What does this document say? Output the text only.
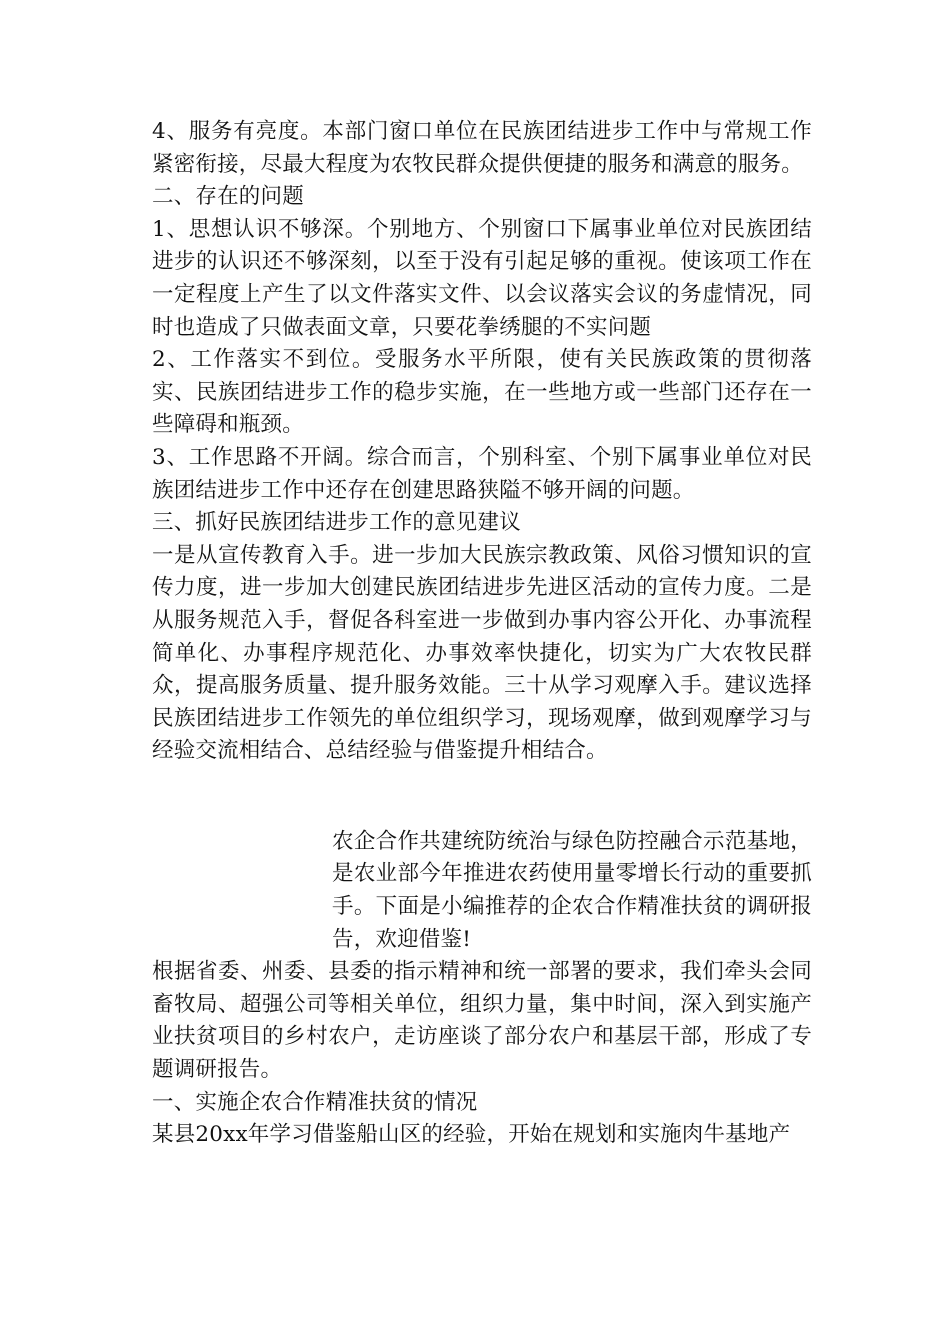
4、服务有亮度。本部门窗口单位在民族团结进步工作中与常规工作紧密衔接，尽最大程度为农牧民群众提供便捷的服务和满意的服务。

二、存在的问题

1、思想认识不够深。个别地方、个别窗口下属事业单位对民族团结进步的认识还不够深刻，以至于没有引起足够的重视。使该项工作在一定程度上产生了以文件落实文件、以会议落实会议的务虚情况，同时也造成了只做表面文章，只要花拳绣腿的不实问题

2、工作落实不到位。受服务水平所限，使有关民族政策的贯彻落实、民族团结进步工作的稳步实施，在一些地方或一些部门还存在一些障碍和瓶颈。

3、工作思路不开阔。综合而言，个别科室、个别下属事业单位对民族团结进步工作中还存在创建思路狭隘不够开阔的问题。

三、抓好民族团结进步工作的意见建议

一是从宣传教育入手。进一步加大民族宗教政策、风俗习惯知识的宣传力度，进一步加大创建民族团结进步先进区活动的宣传力度。二是从服务规范入手，督促各科室进一步做到办事内容公开化、办事流程简单化、办事程序规范化、办事效率快捷化，切实为广大农牧民群众，提高服务质量、提升服务效能。三十从学习观摩入手。建议选择民族团结进步工作领先的单位组织学习，现场观摩，做到观摩学习与经验交流相结合、总结经验与借鉴提升相结合。

农企合作共建统防统治与绿色防控融合示范基地，是农业部今年推进农药使用量零增长行动的重要抓手。下面是小编推荐的企农合作精准扶贫的调研报告，欢迎借鉴!

根据省委、州委、县委的指示精神和统一部署的要求，我们牵头会同畜牧局、超强公司等相关单位，组织力量，集中时间，深入到实施产业扶贫项目的乡村农户，走访座谈了部分农户和基层干部，形成了专题调研报告。

一、实施企农合作精准扶贫的情况

某县20xx年学习借鉴船山区的经验，开始在规划和实施肉牛基地产
